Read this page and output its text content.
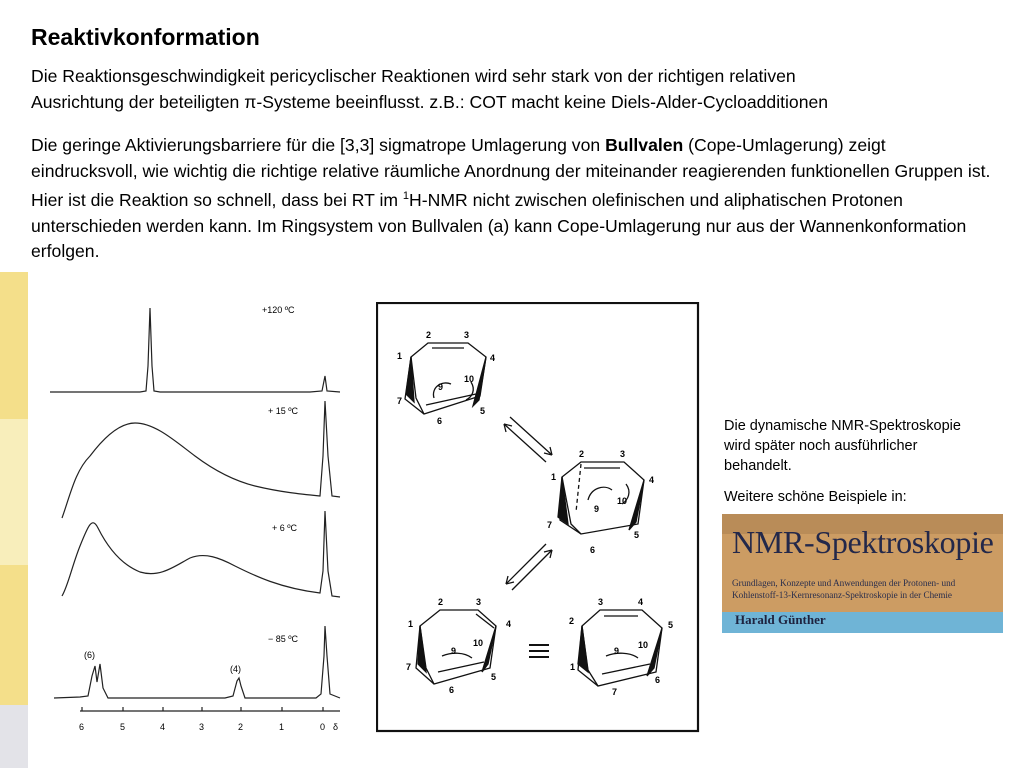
Reaktivkonformation
Die Reaktionsgeschwindigkeit pericyclischer Reaktionen wird sehr stark von der richtigen relativen
Ausrichtung der beteiligten π-Systeme beeinflusst. z.B.: COT macht keine Diels-Alder-Cycloadditionen
Die geringe Aktivierungsbarriere für die [3,3] sigmatrope Umlagerung von Bullvalen (Cope-Umlagerung) zeigt eindrucksvoll, wie wichtig die richtige relative räumliche Anordnung der miteinander reagierenden funktionellen Gruppen ist. Hier ist die Reaktion so schnell, dass bei RT im $^1$H-NMR nicht zwischen olefinischen und aliphatischen Protonen unterschieden werden kann. Im Ringsystem von Bullvalen (a) kann Cope-Umlagerung nur aus der Wannenkonformation erfolgen.
+120 ºC
+ 15 ºC
+ 6 ºC
− 85 ºC
(6)
(4)
6	5	4	3	2	1	0 δ
1
2	3
4
5
6
7
9
10
1
2	3
4
5
6
7
9
10
1
2	3
4
5
6
7
9
10
1
2
3	4
5
6
7
9
10
Die dynamische NMR-Spektroskopie wird später noch ausführlicher behandelt.
Weitere schöne Beispiele in:
NMR-Spektroskopie
Grundlagen, Konzepte und Anwendungen der Protonen- und Kohlenstoff-13-Kernresonanz-Spektroskopie in der Chemie
Harald Günther
